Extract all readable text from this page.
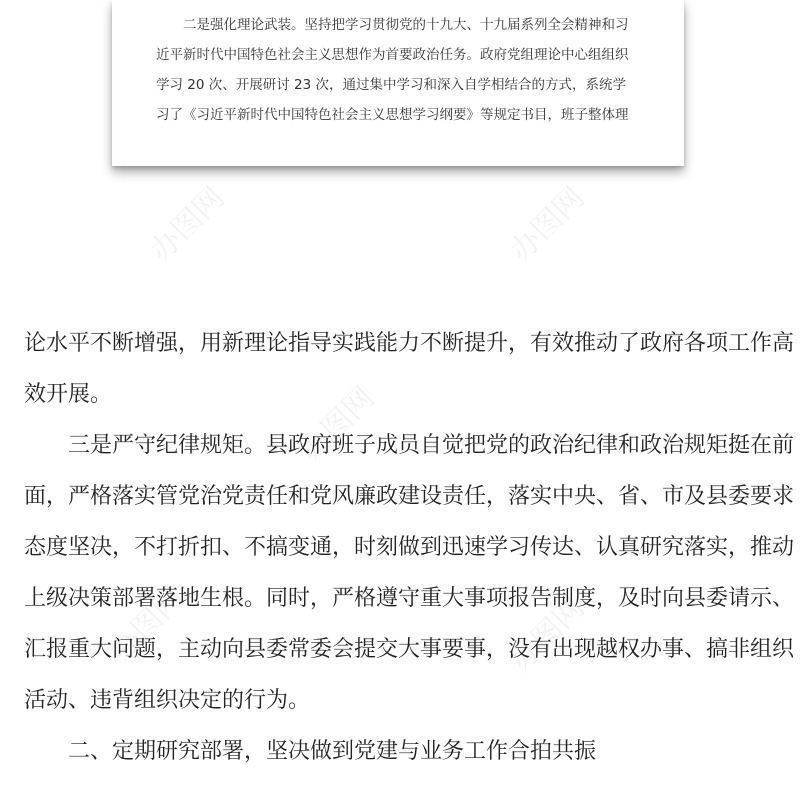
二是强化理论武装。坚持把学习贯彻党的十九大、十九届系列全会精神和习

近平新时代中国特色社会主义思想作为首要政治任务。政府党组理论中心组组织

学习 20 次、开展研讨 23 次，通过集中学习和深入自学相结合的方式，系统学

习了《习近平新时代中国特色社会主义思想学习纲要》等规定书目，班子整体理

论水平不断增强，用新理论指导实践能力不断提升，有效推动了政府各项工作高

效开展。

三是严守纪律规矩。县政府班子成员自觉把党的政治纪律和政治规矩挺在前

面，严格落实管党治党责任和党风廉政建设责任，落实中央、省、市及县委要求

态度坚决，不打折扣、不搞变通，时刻做到迅速学习传达、认真研究落实，推动

上级决策部署落地生根。同时，严格遵守重大事项报告制度，及时向县委请示、

汇报重大问题，主动向县委常委会提交大事要事，没有出现越权办事、搞非组织

活动、违背组织决定的行为。

二、定期研究部署，坚决做到党建与业务工作合拍共振

办图网	办图网
办图网
办图网	办图网
